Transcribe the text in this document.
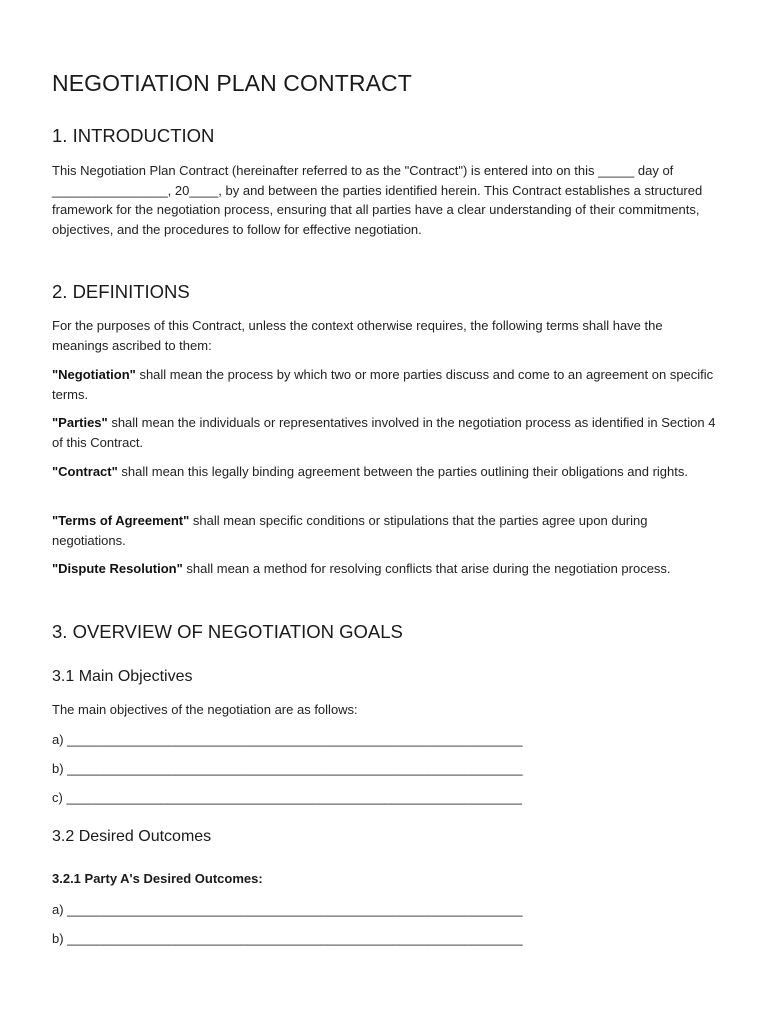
NEGOTIATION PLAN CONTRACT
1. INTRODUCTION

This Negotiation Plan Contract (hereinafter referred to as the "Contract") is entered into on this _____ day of ________________, 20____, by and between the parties identified herein. This Contract establishes a structured framework for the negotiation process, ensuring that all parties have a clear understanding of their commitments, objectives, and the procedures to follow for effective negotiation.

2. DEFINITIONS

For the purposes of this Contract, unless the context otherwise requires, the following terms shall have the meanings ascribed to them:

"Negotiation" shall mean the process by which two or more parties discuss and come to an agreement on specific terms.

"Parties" shall mean the individuals or representatives involved in the negotiation process as identified in Section 4 of this Contract.

"Contract" shall mean this legally binding agreement between the parties outlining their obligations and rights.

"Terms of Agreement" shall mean specific conditions or stipulations that the parties agree upon during negotiations.

"Dispute Resolution" shall mean a method for resolving conflicts that arise during the negotiation process.

3. OVERVIEW OF NEGOTIATION GOALS
3.1 Main Objectives

The main objectives of the negotiation are as follows:

a) _______________________________________________________________

b) _______________________________________________________________

c) _______________________________________________________________

3.2 Desired Outcomes
3.2.1 Party A's Desired Outcomes:

a) _______________________________________________________________

b) _______________________________________________________________
